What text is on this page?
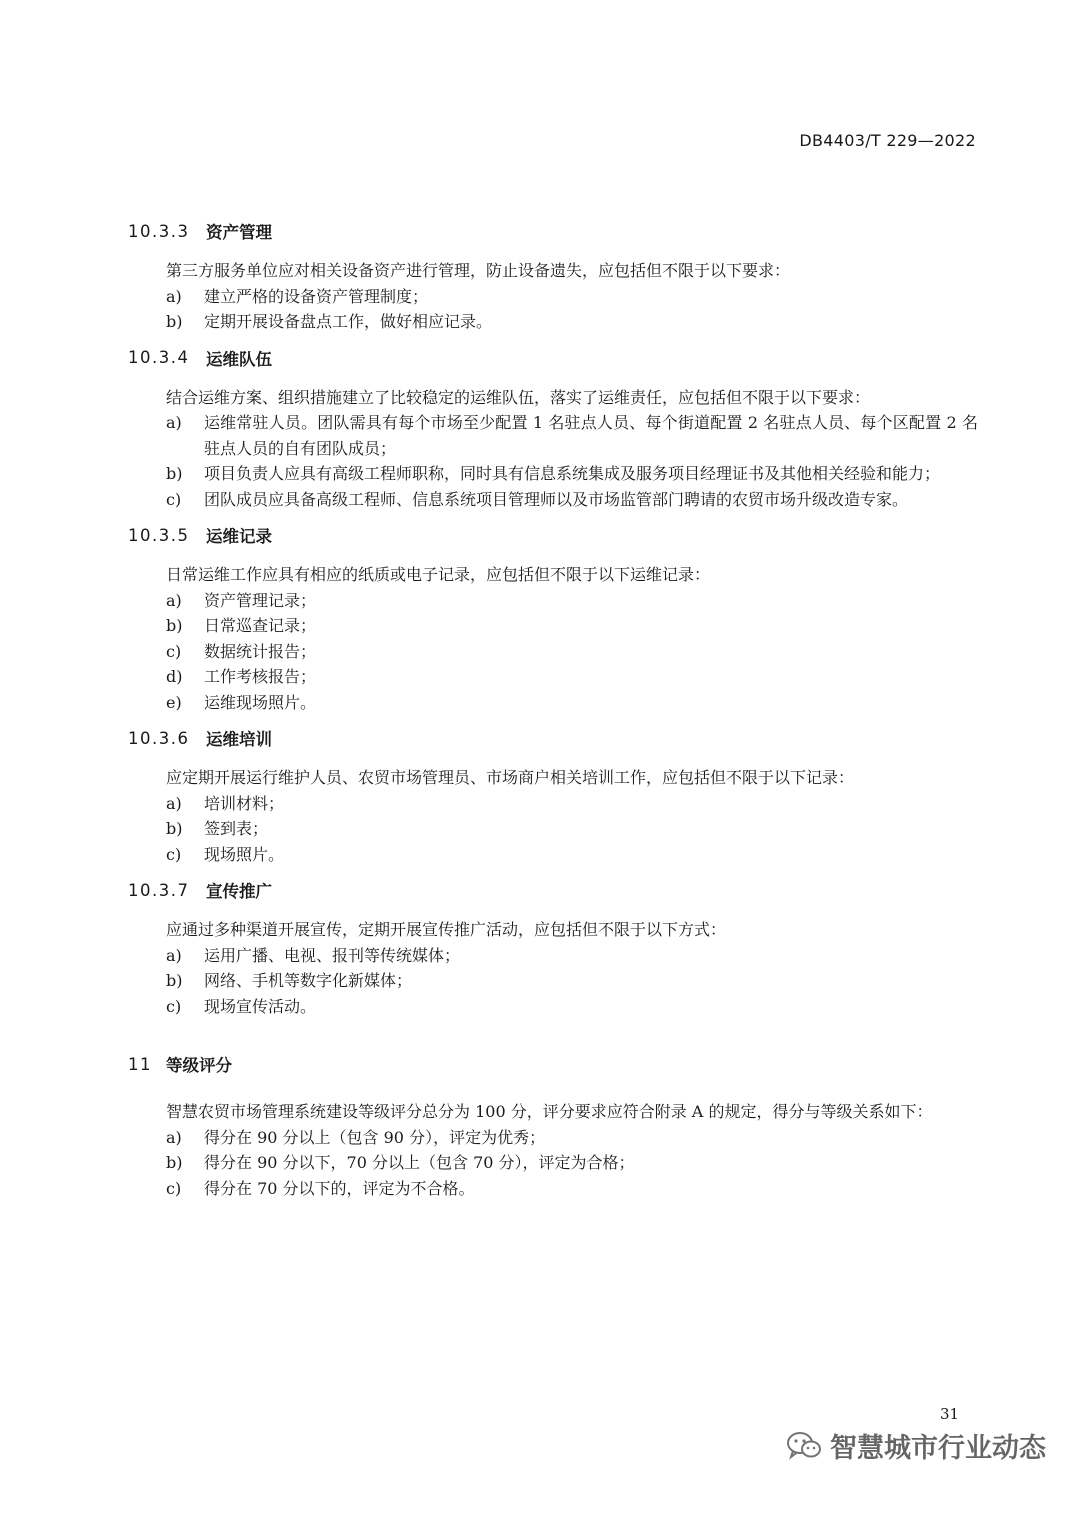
DB4403/T 229—2022
10.3.3	资产管理
第三方服务单位应对相关设备资产进行管理，防止设备遗失，应包括但不限于以下要求：
a)	建立严格的设备资产管理制度；
b)	定期开展设备盘点工作，做好相应记录。
10.3.4	运维队伍
结合运维方案、组织措施建立了比较稳定的运维队伍，落实了运维责任，应包括但不限于以下要求：
a)	运维常驻人员。团队需具有每个市场至少配置 1 名驻点人员、每个街道配置 2 名驻点人员、每个区配置 2 名驻点人员的自有团队成员；
b)	项目负责人应具有高级工程师职称，同时具有信息系统集成及服务项目经理证书及其他相关经验和能力；
c)	团队成员应具备高级工程师、信息系统项目管理师以及市场监管部门聘请的农贸市场升级改造专家。
10.3.5	运维记录
日常运维工作应具有相应的纸质或电子记录，应包括但不限于以下运维记录：
a)	资产管理记录；
b)	日常巡查记录；
c)	数据统计报告；
d)	工作考核报告；
e)	运维现场照片。
10.3.6	运维培训
应定期开展运行维护人员、农贸市场管理员、市场商户相关培训工作，应包括但不限于以下记录：
a)	培训材料；
b)	签到表；
c)	现场照片。
10.3.7	宣传推广
应通过多种渠道开展宣传，定期开展宣传推广活动，应包括但不限于以下方式：
a)	运用广播、电视、报刊等传统媒体；
b)	网络、手机等数字化新媒体；
c)	现场宣传活动。
11 等级评分
智慧农贸市场管理系统建设等级评分总分为 100 分，评分要求应符合附录 A 的规定，得分与等级关系如下：
a)	得分在 90 分以上（包含 90 分），评定为优秀；
b)	得分在 90 分以下，70 分以上（包含 70 分），评定为合格；
c)	得分在 70 分以下的，评定为不合格。
31
智慧城市行业动态
